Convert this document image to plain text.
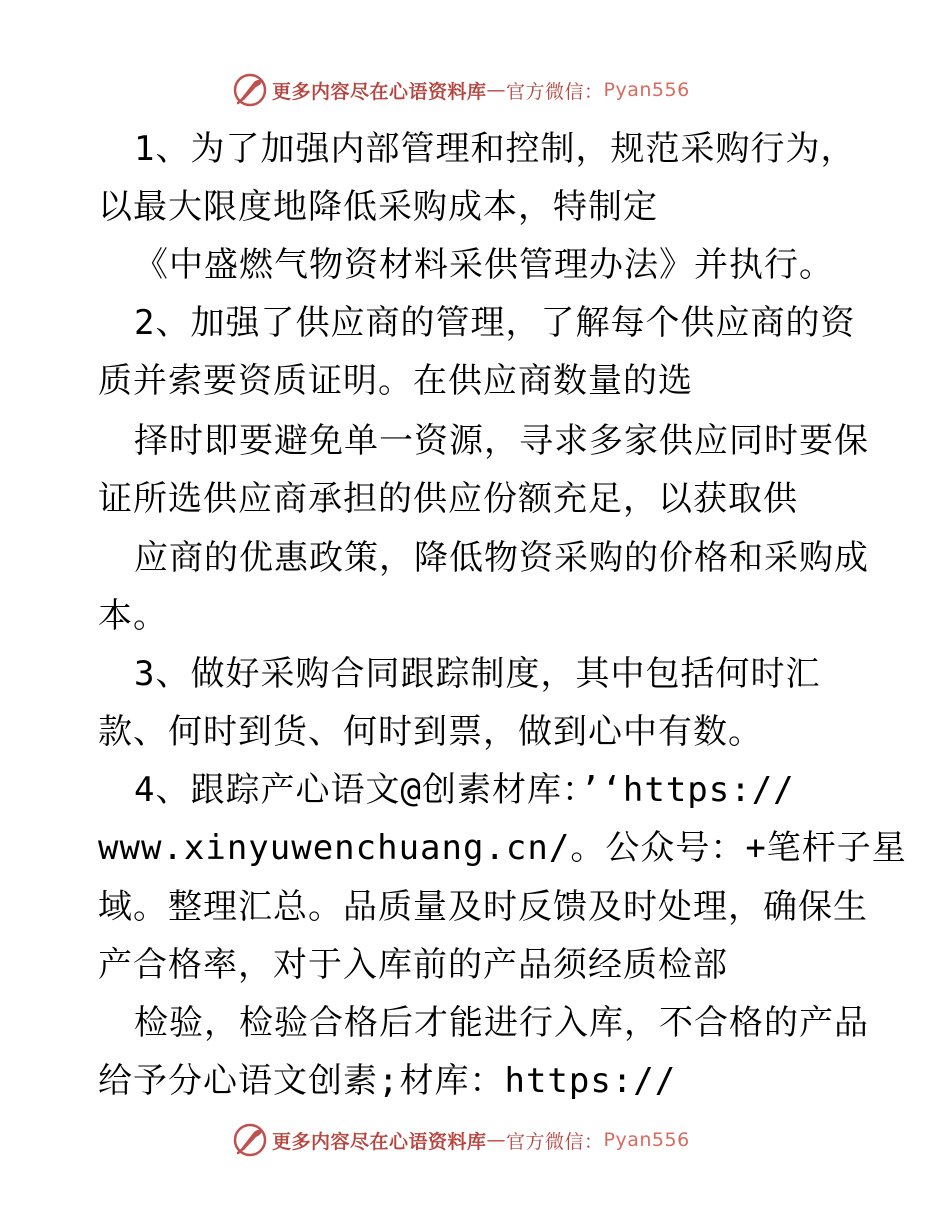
更多内容尽在心语资料库 — 官方微信： Pyan556
1、为了加强内部管理和控制，规范采购行为，
以最大限度地降低采购成本，特制定
《中盛燃气物资材料采供管理办法》并执行。
2、加强了供应商的管理，了解每个供应商的资
质并索要资质证明。在供应商数量的选
择时即要避免单一资源，寻求多家供应同时要保
证所选供应商承担的供应份额充足，以获取供
应商的优惠政策，降低物资采购的价格和采购成
本。
3、做好采购合同跟踪制度，其中包括何时汇
款、何时到货、何时到票，做到心中有数。
4、跟踪产心语文@创素材库：’‘https://
www.xinyuwenchuang.cn/。公众号：+笔杆子星
域。整理汇总。品质量及时反馈及时处理，确保生
产合格率，对于入库前的产品须经质检部
检验，检验合格后才能进行入库，不合格的产品
给予分心语文创素;材库：https://
更多内容尽在心语资料库 — 官方微信： Pyan556
